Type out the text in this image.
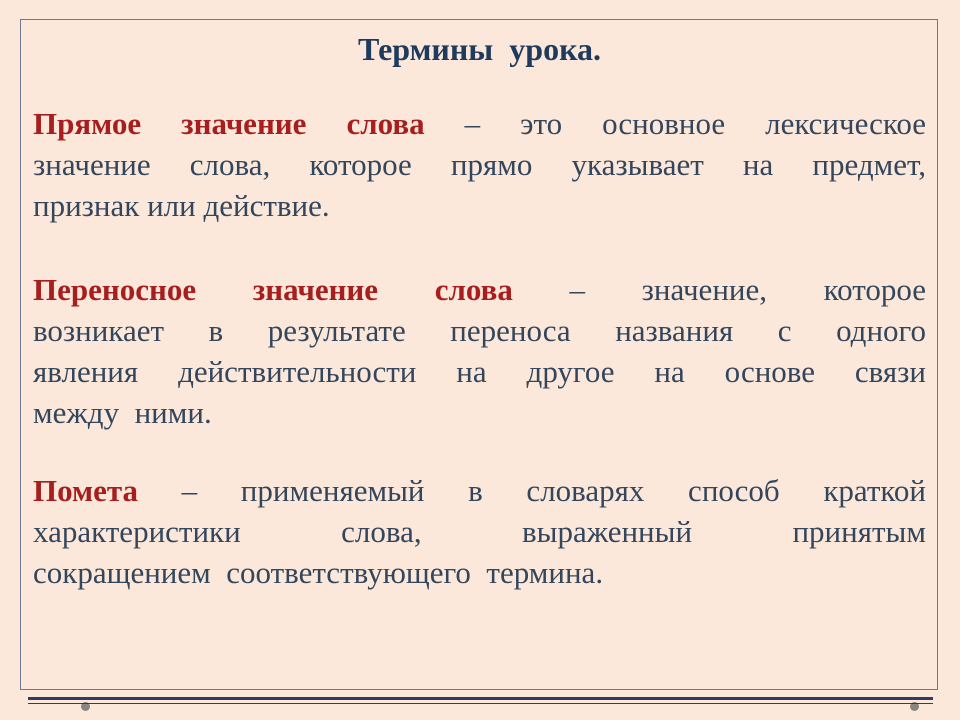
Термины  урока.
Прямое значение слова – это основное лексическое
значение слова, которое прямо указывает на предмет,
признак или действие.
Переносное значение слова – значение, которое
возникает в результате переноса названия с одного
явления действительности на другое на основе связи
между  ними.
Помета – применяемый в словарях способ краткой
характеристики слова, выраженный принятым
сокращением  соответствующего  термина.
